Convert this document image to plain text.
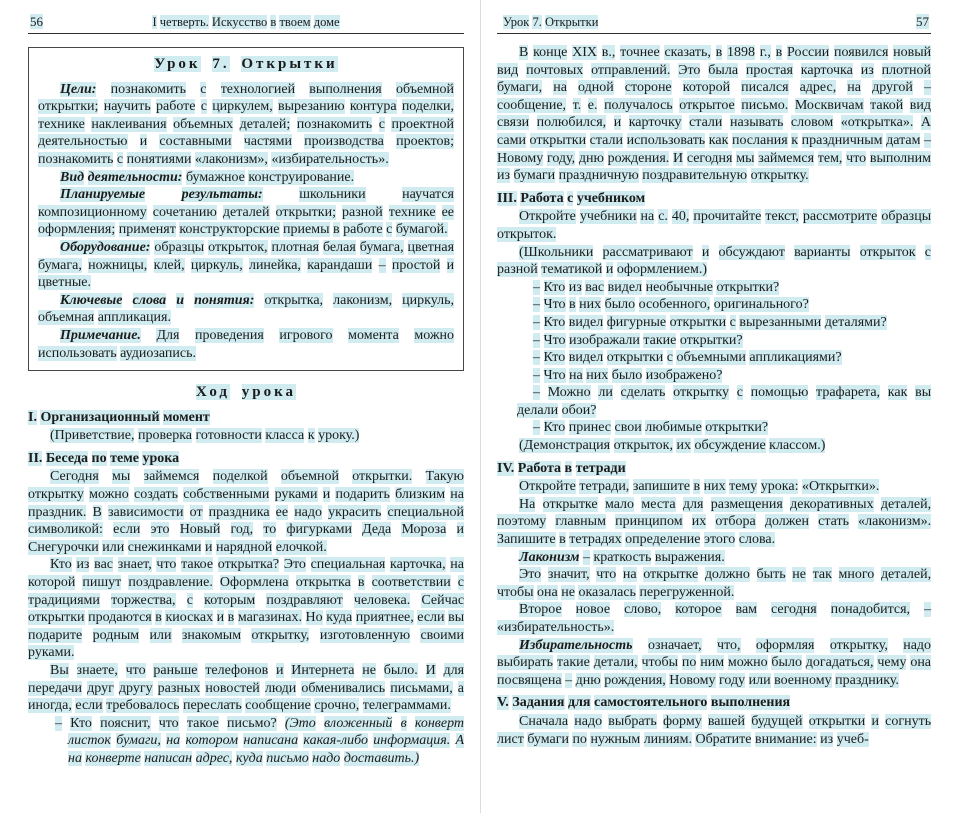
56	I четверть. Искусство в твоем доме

Урок 7. Открытки

Цели: познакомить с технологией выполнения объемной открытки; научить работе с циркулем, вырезанию контура поделки, технике наклеивания объемных деталей; познакомить с проектной деятельностью и составными частями производства проектов; познакомить с понятиями «лаконизм», «избирательность».

Вид деятельности: бумажное конструирование.

Планируемые	результаты:	школьники	научатся композиционному сочетанию деталей открытки; разной технике ее оформления; применят конструкторские приемы в работе с бумагой.

Оборудование: образцы открыток, плотная белая бумага, цветная бумага, ножницы, клей, циркуль, линейка, карандаши – простой и цветные.

Ключевые слова и понятия: открытка, лаконизм, циркуль, объемная аппликация.

Примечание. Для проведения игрового момента можно использовать аудиозапись.

Ход урока

I. Организационный момент

(Приветствие, проверка готовности класса к уроку.)

II. Беседа по теме урока

Сегодня мы займемся поделкой объемной открытки. Такую открытку можно создать собственными руками и подарить близким на праздник. В зависимости от праздника ее надо украсить специальной символикой: если это Новый год, то фигурками Деда Мороза и Снегурочки или снежинками и нарядной елочкой.

Кто из вас знает, что такое открытка? Это специальная карточка, на которой пишут поздравление. Оформлена открытка в соответствии с традициями торжества, с которым поздравляют человека. Сейчас открытки продаются в киосках и в магазинах. Но куда приятнее, если вы подарите родным или знакомым открытку, изготовленную своими руками.

Вы знаете, что раньше телефонов и Интернета не было. И для передачи друг другу разных новостей люди обменивались письмами, а иногда, если требовалось переслать сообщение срочно, телеграммами.

– Кто пояснит, что такое письмо? (Это вложенный в конверт листок бумаги, на котором написана какая-либо информация. А на конверте написан адрес, куда письмо надо доставить.)

Урок 7. Открытки	57

В конце XIX в., точнее сказать, в 1898 г., в России появился новый вид почтовых отправлений. Это была простая карточка из плотной бумаги, на одной стороне которой писался адрес, на другой – сообщение, т. е. получалось открытое письмо. Москвичам такой вид связи полюбился, и карточку стали называть словом «открытка». А сами открытки стали использовать как послания к праздничным датам – Новому году, дню рождения. И сегодня мы займемся тем, что выполним из бумаги праздничную поздравительную открытку.

III. Работа с учебником

Откройте учебники на с. 40, прочитайте текст, рассмотрите образцы открыток.

(Школьники рассматривают и обсуждают варианты открыток с разной тематикой и оформлением.)

– Кто из вас видел необычные открытки?

– Что в них было особенного, оригинального?

– Кто видел фигурные открытки с вырезанными деталями?

– Что изображали такие открытки?

– Кто видел открытки с объемными аппликациями?

– Что на них было изображено?

– Можно ли сделать открытку с помощью трафарета, как вы делали обои?

– Кто принес свои любимые открытки?

(Демонстрация открыток, их обсуждение классом.)

IV. Работа в тетради

Откройте тетради, запишите в них тему урока: «Открытки».

На открытке мало места для размещения декоративных деталей, поэтому главным принципом их отбора должен стать «лаконизм». Запишите в тетрадях определение этого слова.

Лаконизм – краткость выражения.

Это значит, что на открытке должно быть не так много деталей, чтобы она не оказалась перегруженной.

Второе новое слово, которое вам сегодня понадобится, – «избирательность».

Избирательность означает, что, оформляя открытку, надо выбирать такие детали, чтобы по ним можно было догадаться, чему она посвящена – дню рождения, Новому году или военному празднику.

V. Задания для самостоятельного выполнения

Сначала надо выбрать форму вашей будущей открытки и согнуть лист бумаги по нужным линиям. Обратите внимание: из учеб-
